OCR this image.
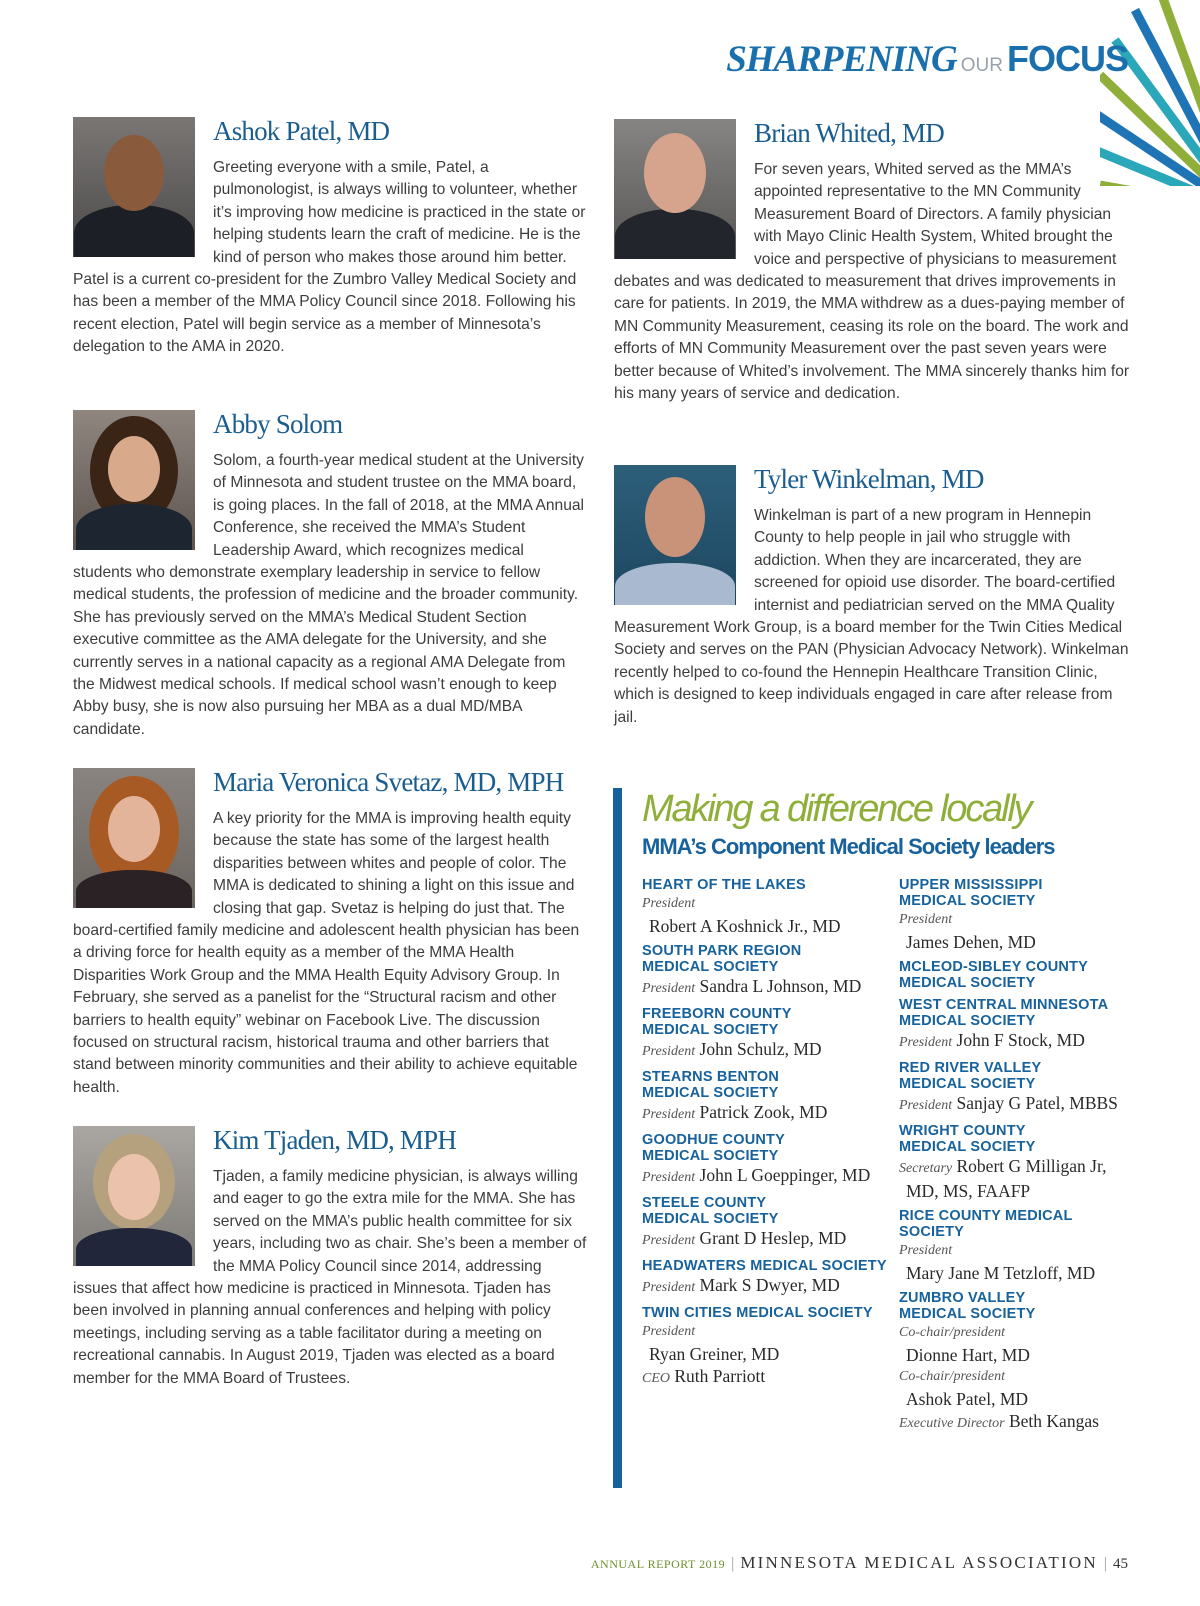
SHARPENING OUR FOCUS
Ashok Patel, MD

Greeting everyone with a smile, Patel, a pulmonologist, is always willing to volunteer, whether it’s improving how medicine is practiced in the state or helping students learn the craft of medicine. He is the kind of person who makes those around him better. Patel is a current co-president for the Zumbro Valley Medical Society and has been a member of the MMA Policy Council since 2018. Following his recent election, Patel will begin service as a member of Minnesota’s delegation to the AMA in 2020.

Abby Solom

Solom, a fourth-year medical student at the University of Minnesota and student trustee on the MMA board, is going places. In the fall of 2018, at the MMA Annual Conference, she received the MMA’s Student Leadership Award, which recognizes medical students who demonstrate exemplary leadership in service to fellow medical students, the profession of medicine and the broader community. She has previously served on the MMA’s Medical Student Section executive committee as the AMA delegate for the University, and she currently serves in a national capacity as a regional AMA Delegate from the Midwest medical schools. If medical school wasn’t enough to keep Abby busy, she is now also pursuing her MBA as a dual MD/MBA candidate.

Maria Veronica Svetaz, MD, MPH

A key priority for the MMA is improving health equity because the state has some of the largest health disparities between whites and people of color. The MMA is dedicated to shining a light on this issue and closing that gap. Svetaz is helping do just that. The board-certified family medicine and adolescent health physician has been a driving force for health equity as a member of the MMA Health Disparities Work Group and the MMA Health Equity Advisory Group. In February, she served as a panelist for the “Structural racism and other barriers to health equity” webinar on Facebook Live. The discussion focused on structural racism, historical trauma and other barriers that stand between minority communities and their ability to achieve equitable health.

Kim Tjaden, MD, MPH

Tjaden, a family medicine physician, is always willing and eager to go the extra mile for the MMA. She has served on the MMA’s public health committee for six years, including two as chair. She’s been a member of the MMA Policy Council since 2014, addressing issues that affect how medicine is practiced in Minnesota. Tjaden has been involved in planning annual conferences and helping with policy meetings, including serving as a table facilitator during a meeting on recreational cannabis. In August 2019, Tjaden was elected as a board member for the MMA Board of Trustees.

Brian Whited, MD

For seven years, Whited served as the MMA’s appointed representative to the MN Community Measurement Board of Directors. A family physician with Mayo Clinic Health System, Whited brought the voice and perspective of physicians to measurement debates and was dedicated to measurement that drives improvements in care for patients. In 2019, the MMA withdrew as a dues-paying member of MN Community Measurement, ceasing its role on the board. The work and efforts of MN Community Measurement over the past seven years were better because of Whited’s involvement. The MMA sincerely thanks him for his many years of service and dedication.

Tyler Winkelman, MD

Winkelman is part of a new program in Hennepin County to help people in jail who struggle with addiction. When they are incarcerated, they are screened for opioid use disorder. The board-certified internist and pediatrician served on the MMA Quality Measurement Work Group, is a board member for the Twin Cities Medical Society and serves on the PAN (Physician Advocacy Network). Winkelman recently helped to co-found the Hennepin Healthcare Transition Clinic, which is designed to keep individuals engaged in care after release from jail.

Making a difference locally
MMA’s Component Medical Society leaders
HEART OF THE LAKES
President
Robert A Koshnick Jr., MD
SOUTH PARK REGION
MEDICAL SOCIETY
President Sandra L Johnson, MD
FREEBORN COUNTY
MEDICAL SOCIETY
President John Schulz, MD
STEARNS BENTON
MEDICAL SOCIETY
President Patrick Zook, MD
GOODHUE COUNTY
MEDICAL SOCIETY
President John L Goeppinger, MD
STEELE COUNTY
MEDICAL SOCIETY
President Grant D Heslep, MD
HEADWATERS MEDICAL SOCIETY
President Mark S Dwyer, MD
TWIN CITIES MEDICAL SOCIETY
President
Ryan Greiner, MD
CEO Ruth Parriott
UPPER MISSISSIPPI
MEDICAL SOCIETY
President
James Dehen, MD
MCLEOD-SIBLEY COUNTY
MEDICAL SOCIETY
WEST CENTRAL MINNESOTA
MEDICAL SOCIETY
President John F Stock, MD
RED RIVER VALLEY
MEDICAL SOCIETY
President Sanjay G Patel, MBBS
WRIGHT COUNTY
MEDICAL SOCIETY
Secretary Robert G Milligan Jr,
MD, MS, FAAFP
RICE COUNTY MEDICAL
SOCIETY
President
Mary Jane M Tetzloff, MD
ZUMBRO VALLEY
MEDICAL SOCIETY
Co-chair/president
Dionne Hart, MD
Co-chair/president
Ashok Patel, MD
Executive Director Beth Kangas
ANNUAL REPORT 2019 | MINNESOTA MEDICAL ASSOCIATION | 45
